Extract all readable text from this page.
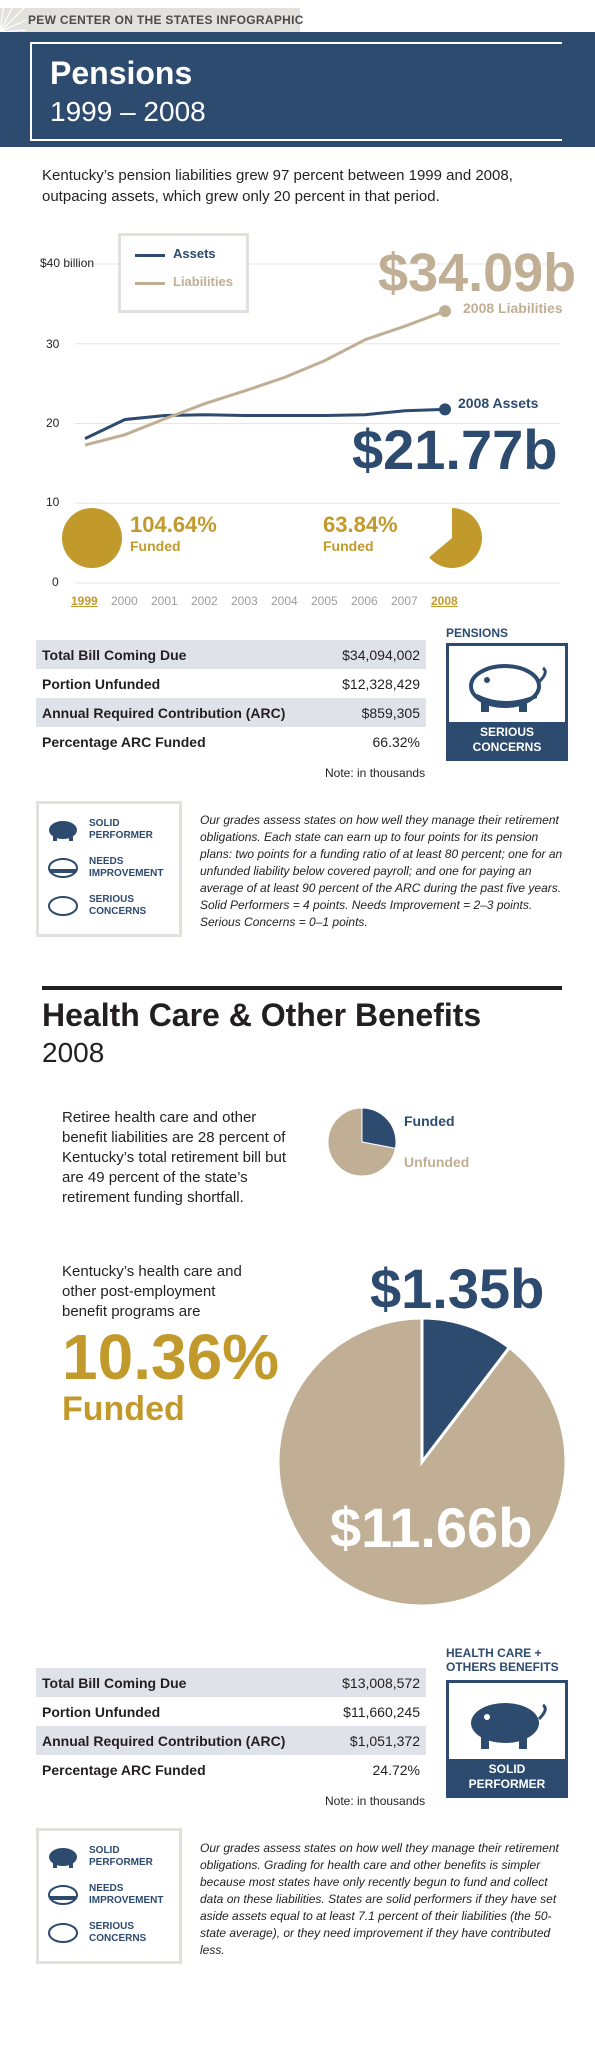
PEW CENTER ON THE STATES INFOGRAPHIC
Pensions
1999 – 2008
Kentucky’s pension liabilities grew 97 percent between 1999 and 2008, outpacing assets, which grew only 20 percent in that period.
$40 billion
30
20
10
0
Assets
Liabilities	$34.09b
2008 Liabilities
2008 Assets
$21.77b
104.64%
Funded
63.84%
Funded
1999 2000 2001 2002 2003 2004 2005 2006 2007 2008
Total Bill Coming Due	$34,094,002
Portion Unfunded	$12,328,429
Annual Required Contribution (ARC)	$859,305
Percentage ARC Funded	66.32%
Note: in thousands
PENSIONS
SERIOUS CONCERNS
SOLID PERFORMER
NEEDS IMPROVEMENT
SERIOUS CONCERNS
Our grades assess states on how well they manage their retirement obligations. Each state can earn up to four points for its pension plans: two points for a funding ratio of at least 80 percent; one for an unfunded liability below covered payroll; and one for paying an average of at least 90 percent of the ARC during the past five years. Solid Performers = 4 points. Needs Improvement = 2–3 points. Serious Concerns = 0–1 points.
Health Care & Other Benefits
2008
Retiree health care and other benefit liabilities are 28 percent of Kentucky’s total retirement bill but are 49 percent of the state’s retirement funding shortfall.
Funded
Unfunded
Kentucky’s health care and other post-employment benefit programs are
10.36%
Funded
$1.35b
$11.66b
Total Bill Coming Due	$13,008,572
Portion Unfunded	$11,660,245
Annual Required Contribution (ARC)	$1,051,372
Percentage ARC Funded	24.72%
Note: in thousands
HEALTH CARE + OTHERS BENEFITS
SOLID PERFORMER
SOLID PERFORMER
NEEDS IMPROVEMENT
SERIOUS CONCERNS
Our grades assess states on how well they manage their retirement obligations. Grading for health care and other benefits is simpler because most states have only recently begun to fund and collect data on these liabilities. States are solid performers if they have set aside assets equal to at least 7.1 percent of their liabilities (the 50-state average), or they need improvement if they have contributed less.
